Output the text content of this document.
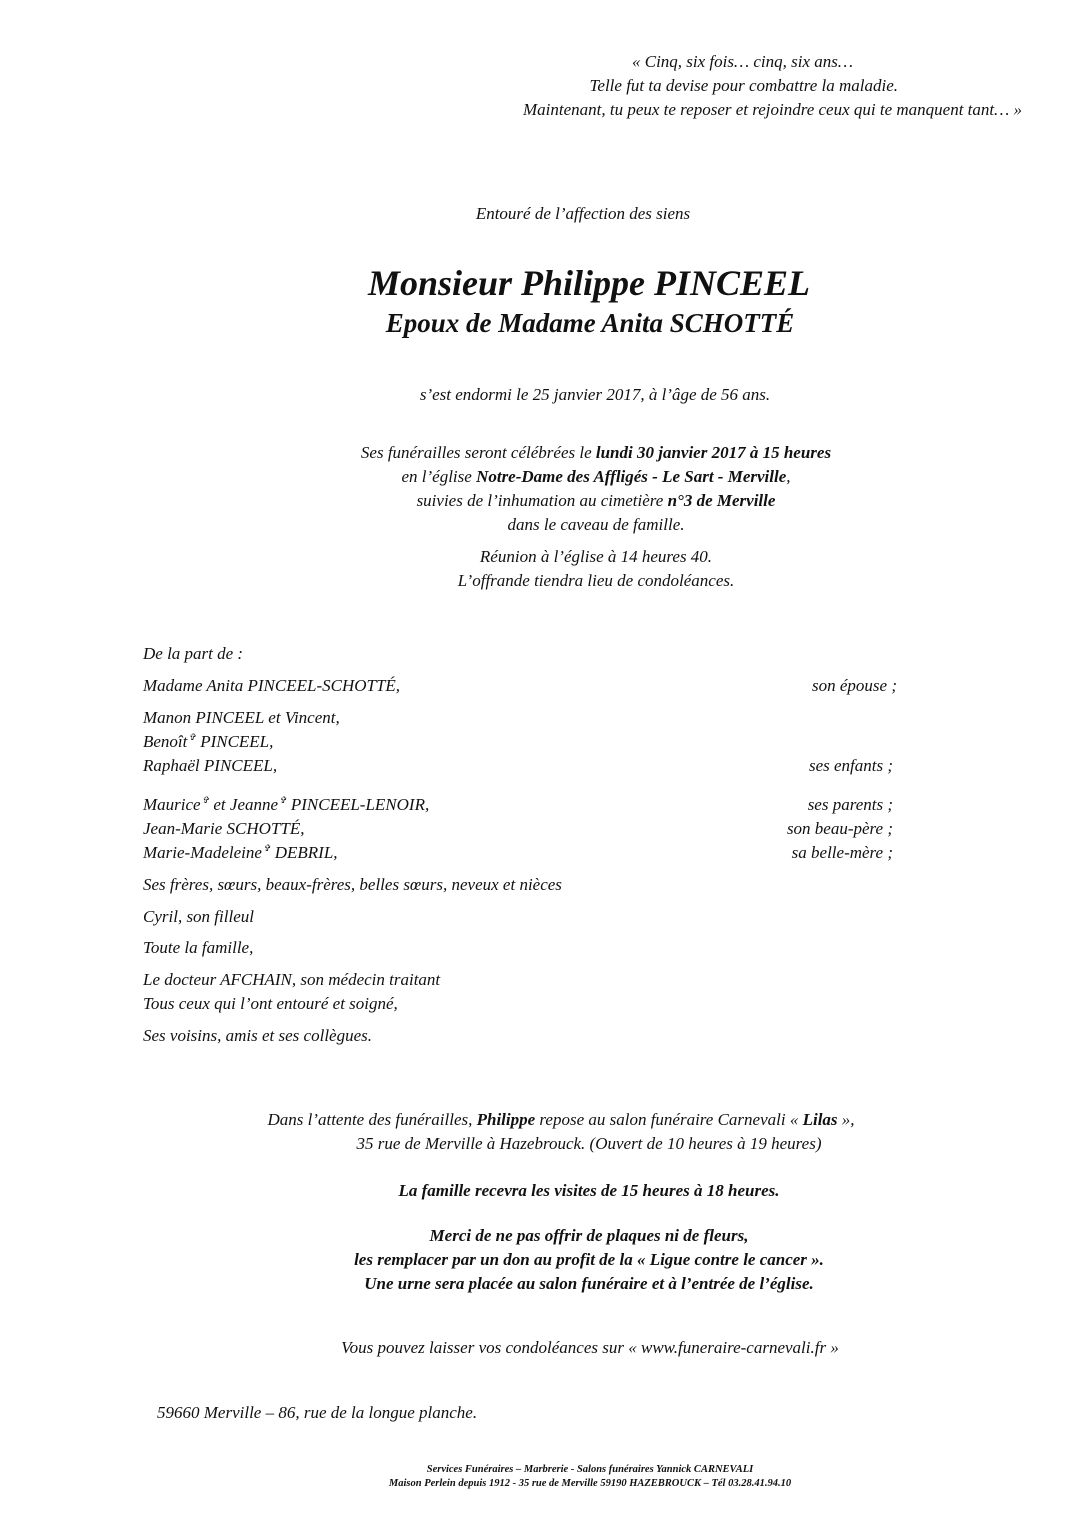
« Cinq, six fois… cinq, six ans…
Telle fut ta devise pour combattre la maladie.
Maintenant, tu peux te reposer et rejoindre ceux qui te manquent tant… »
Entouré de l’affection des siens
Monsieur Philippe PINCEEL
Epoux de Madame Anita SCHOTTÉ
s’est endormi le 25 janvier 2017, à l’âge de 56 ans.
Ses funérailles seront célébrées le lundi 30 janvier 2017 à 15 heures
en l’église Notre-Dame des Affligés - Le Sart - Merville,
suivies de l’inhumation au cimetière n°3 de Merville
dans le caveau de famille.
Réunion à l’église à 14 heures 40.
L’offrande tiendra lieu de condoléances.
De la part de :
Madame Anita PINCEEL-SCHOTTÉ,	son épouse ;
Manon PINCEEL et Vincent,
Benoît✞ PINCEEL,
Raphaël PINCEEL,	ses enfants ;
Maurice✞ et Jeanne✞ PINCEEL-LENOIR,	ses parents ;
Jean-Marie SCHOTTÉ,	son beau-père ;
Marie-Madeleine✞ DEBRIL,	sa belle-mère ;
Ses frères, sœurs, beaux-frères, belles sœurs, neveux et nièces
Cyril, son filleul
Toute la famille,
Le docteur AFCHAIN, son médecin traitant
Tous ceux qui l’ont entouré et soigné,
Ses voisins, amis et ses collègues.
Dans l’attente des funérailles, Philippe repose au salon funéraire Carnevali « Lilas »,
35 rue de Merville à Hazebrouck. (Ouvert de 10 heures à 19 heures)
La famille recevra les visites de 15 heures à 18 heures.
Merci de ne pas offrir de plaques ni de fleurs,
les remplacer par un don au profit de la « Ligue contre le cancer ».
Une urne sera placée au salon funéraire et à l’entrée de l’église.
Vous pouvez laisser vos condoléances sur « www.funeraire-carnevali.fr »
59660 Merville – 86, rue de la longue planche.
Services Funéraires – Marbrerie - Salons funéraires Yannick CARNEVALI
Maison Perlein depuis 1912 - 35 rue de Merville 59190 HAZEBROUCK – Tél 03.28.41.94.10
